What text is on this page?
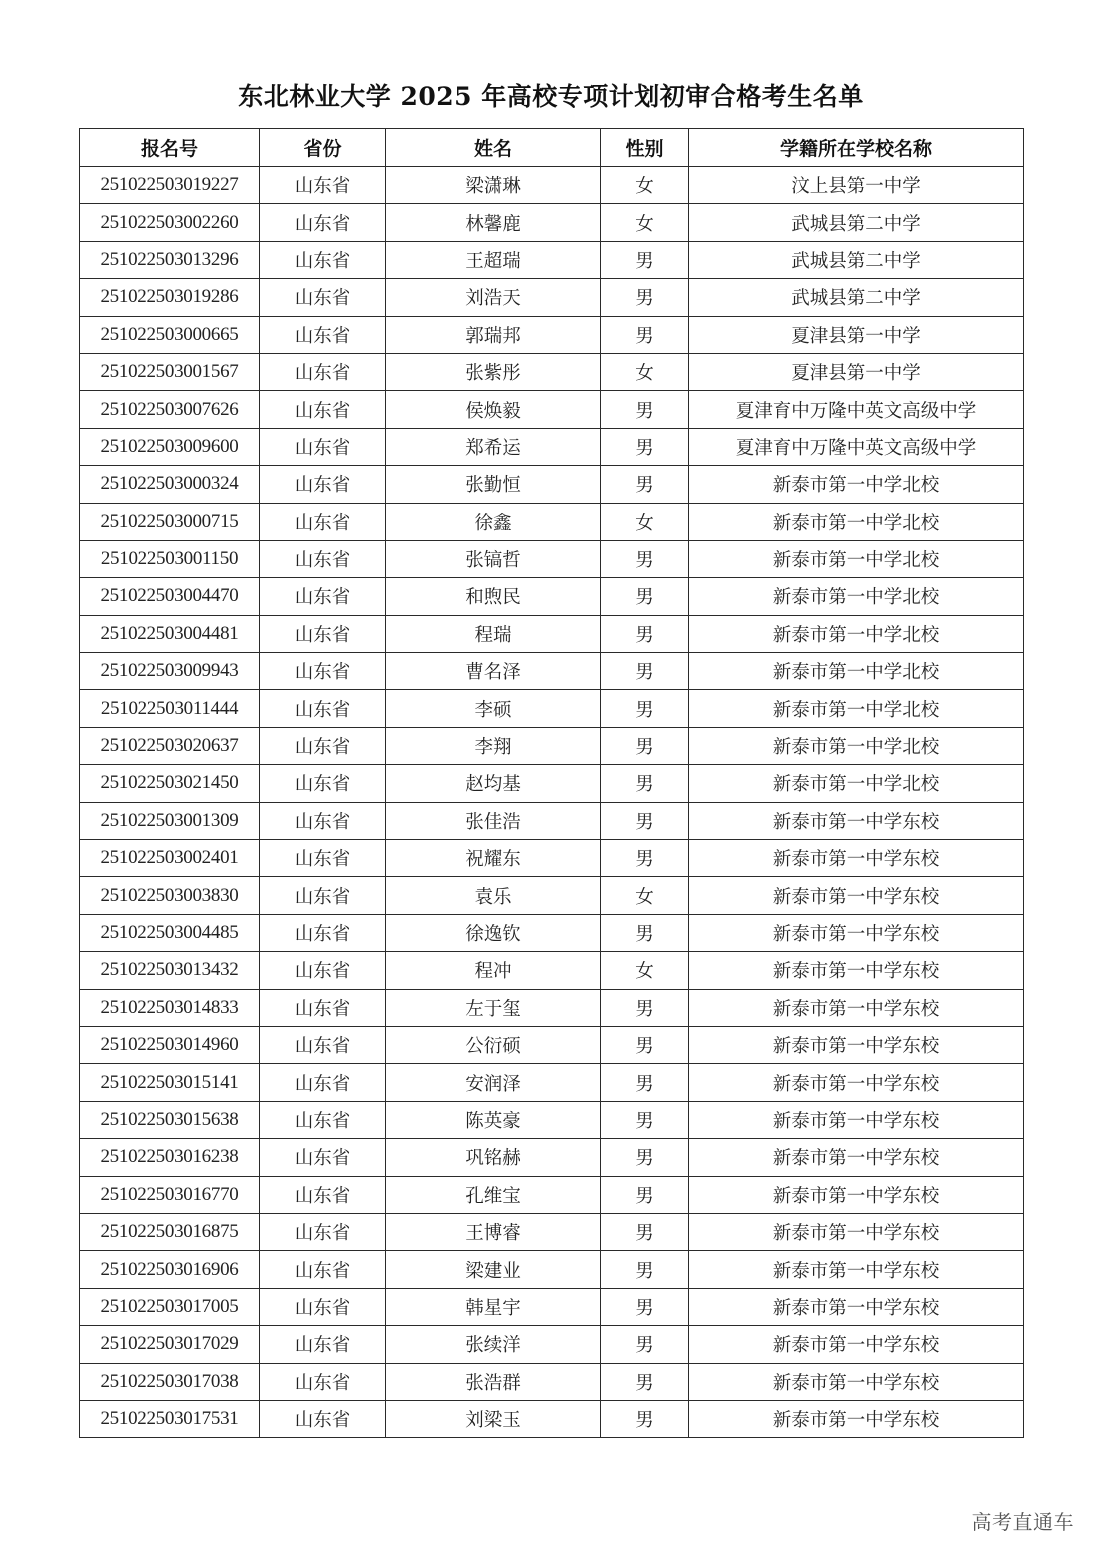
东北林业大学 2025 年高校专项计划初审合格考生名单
报名号	省份	姓名	性别	学籍所在学校名称
251022503019227	山东省	梁潇琳	女	汶上县第一中学
251022503002260	山东省	林馨鹿	女	武城县第二中学
251022503013296	山东省	王超瑞	男	武城县第二中学
251022503019286	山东省	刘浩天	男	武城县第二中学
251022503000665	山东省	郭瑞邦	男	夏津县第一中学
251022503001567	山东省	张紫彤	女	夏津县第一中学
251022503007626	山东省	侯焕毅	男	夏津育中万隆中英文高级中学
251022503009600	山东省	郑希运	男	夏津育中万隆中英文高级中学
251022503000324	山东省	张勤恒	男	新泰市第一中学北校
251022503000715	山东省	徐鑫	女	新泰市第一中学北校
251022503001150	山东省	张镐哲	男	新泰市第一中学北校
251022503004470	山东省	和煦民	男	新泰市第一中学北校
251022503004481	山东省	程瑞	男	新泰市第一中学北校
251022503009943	山东省	曹名泽	男	新泰市第一中学北校
251022503011444	山东省	李硕	男	新泰市第一中学北校
251022503020637	山东省	李翔	男	新泰市第一中学北校
251022503021450	山东省	赵均基	男	新泰市第一中学北校
251022503001309	山东省	张佳浩	男	新泰市第一中学东校
251022503002401	山东省	祝耀东	男	新泰市第一中学东校
251022503003830	山东省	袁乐	女	新泰市第一中学东校
251022503004485	山东省	徐逸钦	男	新泰市第一中学东校
251022503013432	山东省	程冲	女	新泰市第一中学东校
251022503014833	山东省	左于玺	男	新泰市第一中学东校
251022503014960	山东省	公衍硕	男	新泰市第一中学东校
251022503015141	山东省	安润泽	男	新泰市第一中学东校
251022503015638	山东省	陈英豪	男	新泰市第一中学东校
251022503016238	山东省	巩铭赫	男	新泰市第一中学东校
251022503016770	山东省	孔维宝	男	新泰市第一中学东校
251022503016875	山东省	王博睿	男	新泰市第一中学东校
251022503016906	山东省	梁建业	男	新泰市第一中学东校
251022503017005	山东省	韩星宇	男	新泰市第一中学东校
251022503017029	山东省	张续洋	男	新泰市第一中学东校
251022503017038	山东省	张浩群	男	新泰市第一中学东校
251022503017531	山东省	刘梁玉	男	新泰市第一中学东校
高考直通车
